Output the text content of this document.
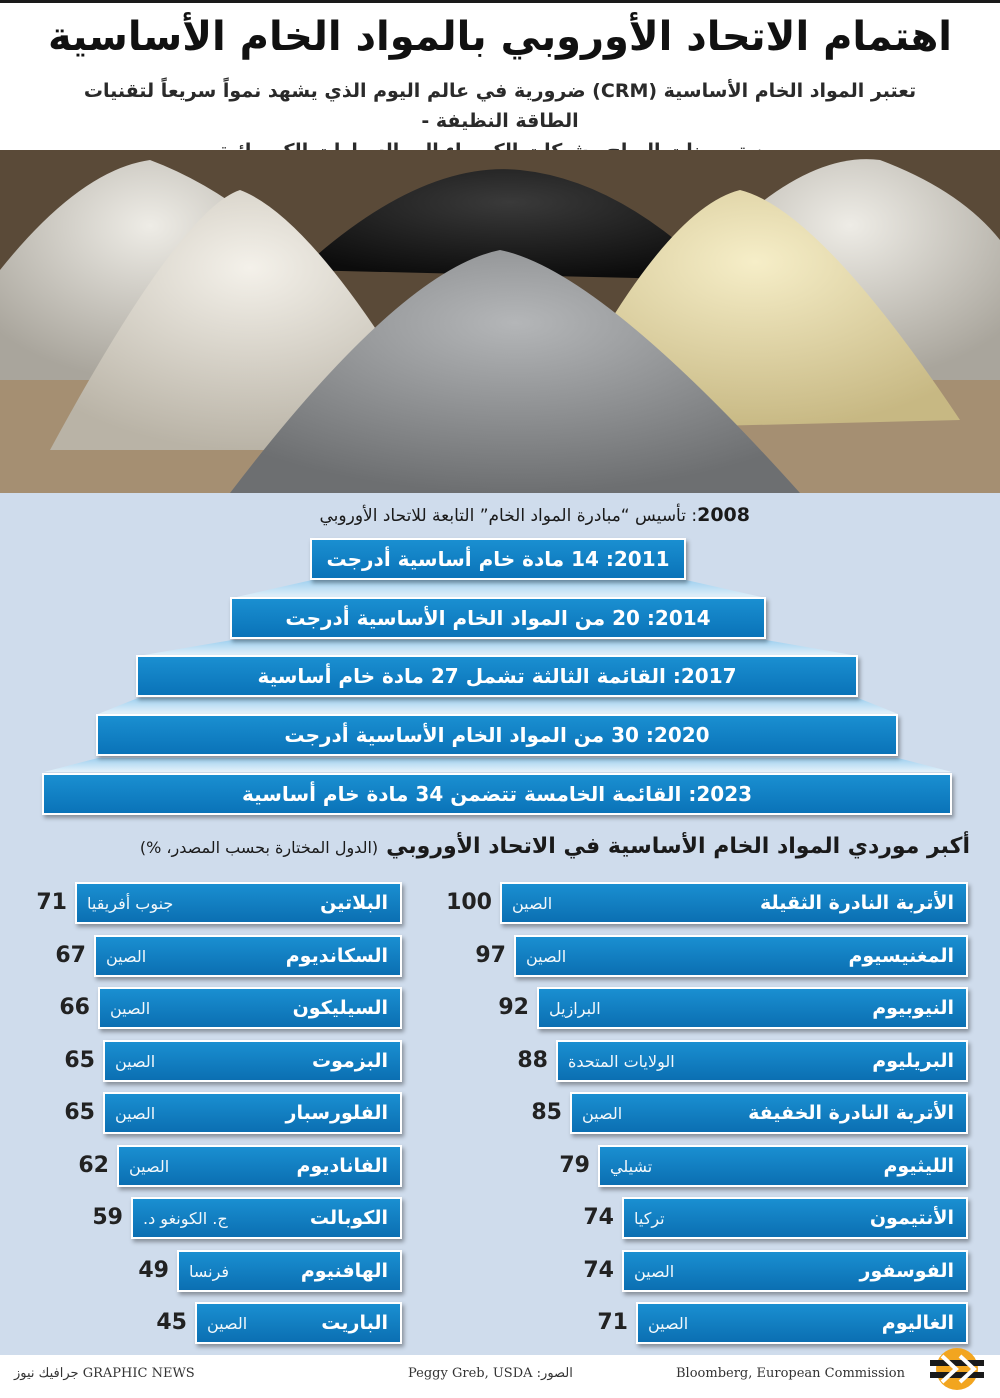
اهتمام الاتحاد الأوروبي بالمواد الخام الأساسية
تعتبر المواد الخام الأساسية (CRM) ضرورية في عالم اليوم الذي يشهد نمواً سريعاً لتقنيات الطاقة النظيفة -
2008: تأسيس “مبادرة المواد الخام” التابعة للاتحاد الأوروبي
2011: 14 مادة خام أساسية أدرجت
2014: 20 من المواد الخام الأساسية أدرجت
2017: القائمة الثالثة تشمل 27 مادة خام أساسية
2020: 30 من المواد الخام الأساسية أدرجت
2023: القائمة الخامسة تتضمن 34 مادة خام أساسية
أكبر موردي المواد الخام الأساسية في الاتحاد الأوروبي(الدول المختارة بحسب المصدر، %)
الأتربة النادرة الثقيلة
الصين
100
المغنيسيوم
الصين
97
النيوبيوم
البرازيل
92
البريليوم
الولايات المتحدة
88
الأتربة النادرة الخفيفة
الصين
85
الليثيوم
تشيلي
79
الأنتيمون
تركيا
74
الفوسفور
الصين
74
الغاليوم
الصين
71
البلاتين
جنوب أفريقيا
71
السكانديوم
الصين
67
السيليكون
الصين
66
البزموت
الصين
65
الفلورسبار
الصين
65
الفاناديوم
الصين
62
الكوبالت
ج. الكونغو د.
59
الهافنيوم
فرنسا
49
الباريت
الصين
45
GRAPHIC NEWS جرافيك نيوز	الصور: Peggy Greb, USDA	Bloomberg, European Commission
